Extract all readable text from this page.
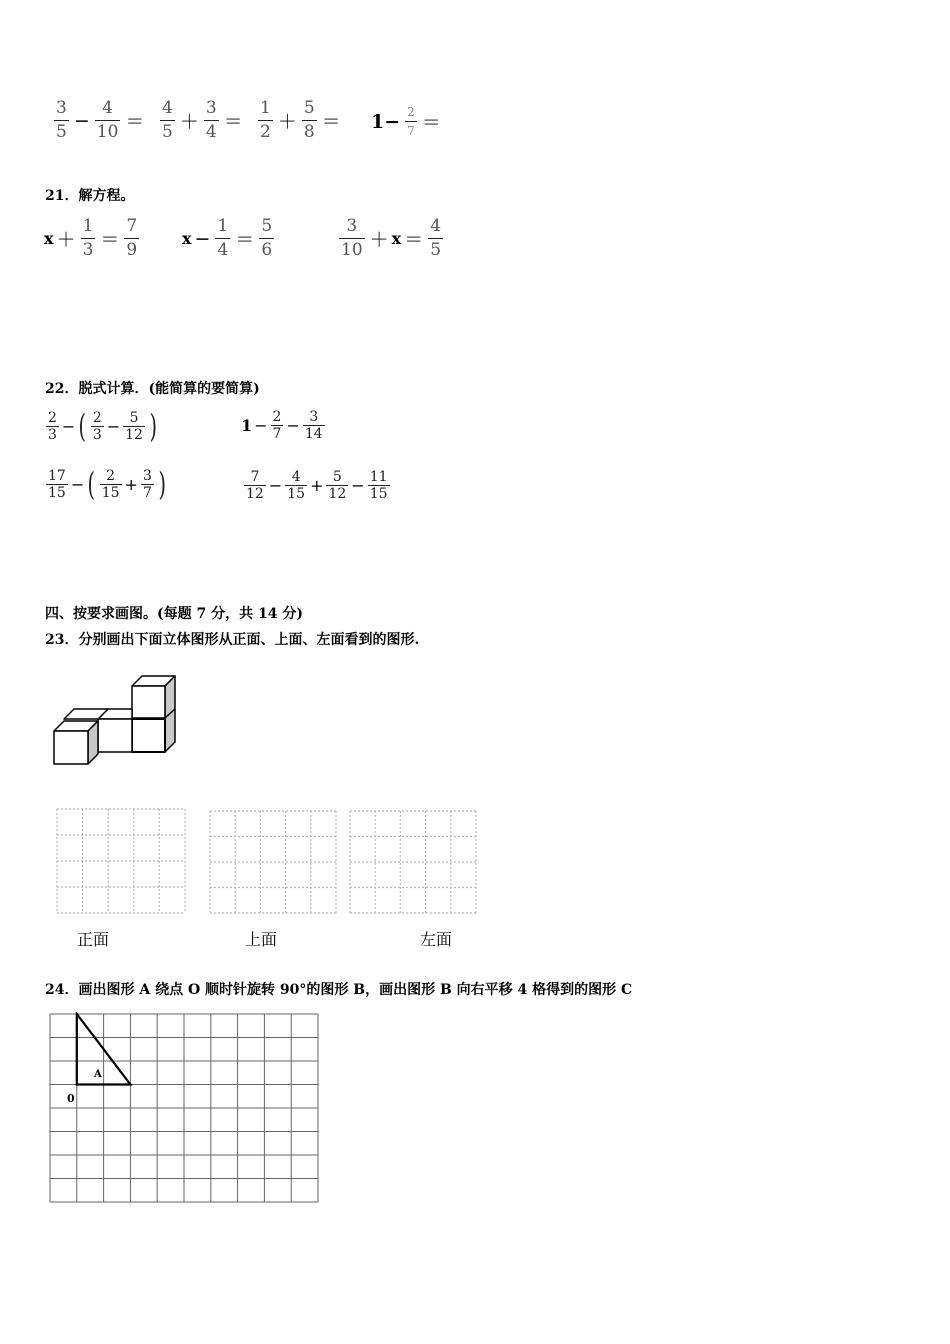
$\frac{3}{5} - \frac{4}{10} = \frac{4}{5} + \frac{3}{4} = \frac{1}{2} + \frac{5}{8} = 1- \frac{2}{7}$ ＝
21．解方程。
$x + \frac{1}{3} = \frac{7}{9}$	$x - \frac{1}{4} = \frac{5}{6}$	$\frac{3}{10} + x = \frac{4}{5}$
22．脱式计算．(能简算的要简算)
$\frac{2}{3}$ − ( $\frac{2}{3} - \frac{5}{12}$ )	$1 - \frac{2}{7} - \frac{3}{14}$
$\frac{17}{15}$ − ( $\frac{2}{15} + \frac{3}{7}$ )	$\frac{7}{12} - \frac{4}{15} + \frac{5}{12} - \frac{11}{15}$
四、按要求画图。(每题 7 分，共 14 分)
23．分别画出下面立体图形从正面、上面、左面看到的图形.
正面	上面	左面
24．画出图形 A 绕点 O 顺时针旋转 90°的图形 B，画出图形 B 向右平移 4 格得到的图形 C
A
0
